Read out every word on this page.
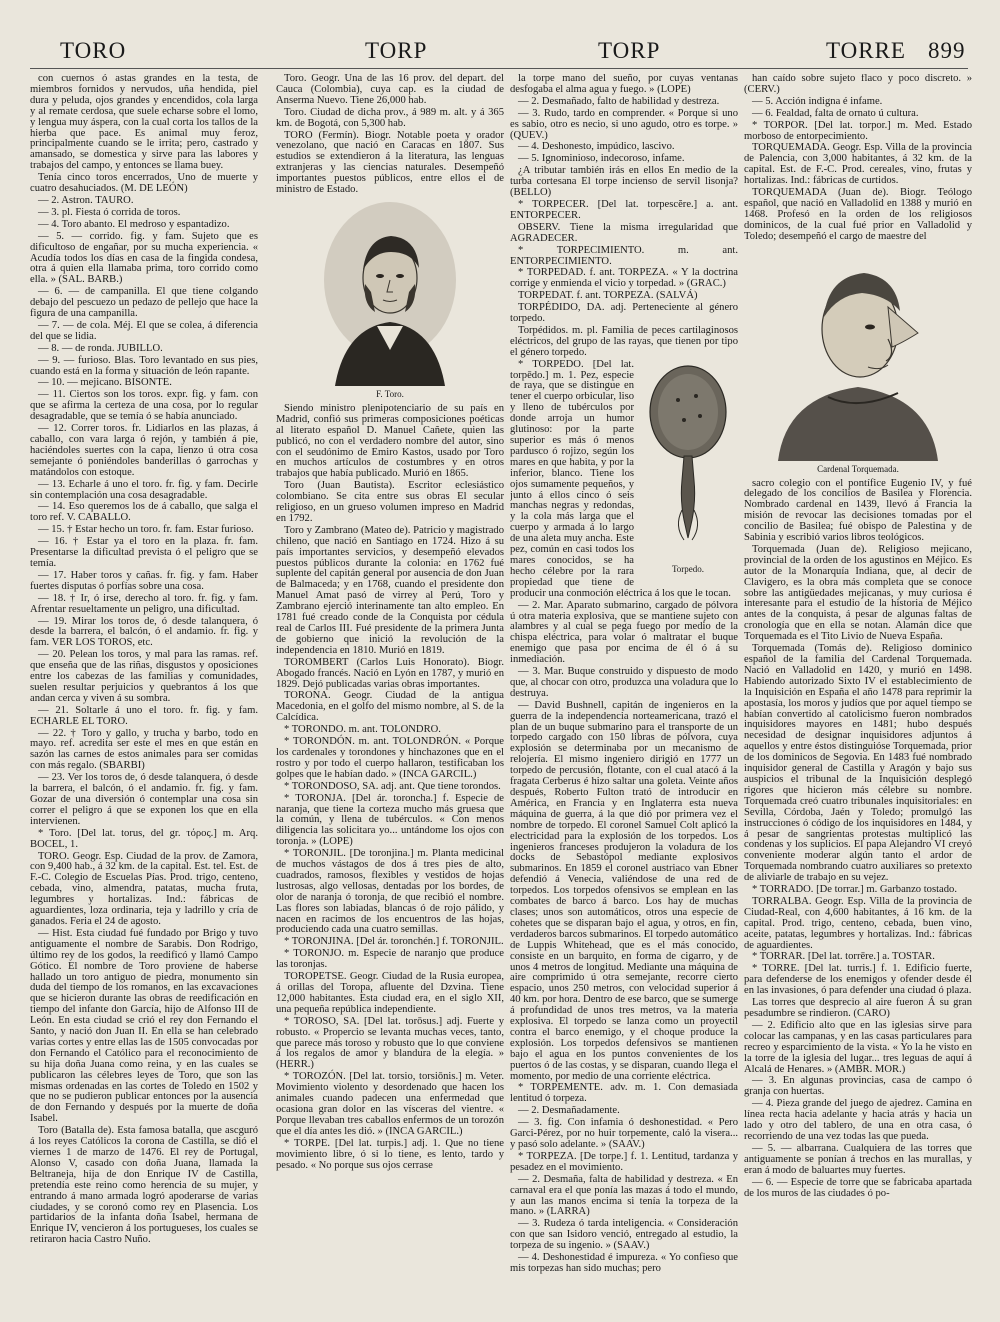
TORO	TORP	TORP	TORRE 899

con cuernos ó astas grandes en la testa, de miembros fornidos y nervudos, uña hendida, piel dura y peluda, ojos grandes y encendidos, cola larga y al remate cerdosa, que suele echarse sobre el lomo, y lengua muy áspera, con la cual corta los tallos de la hierba que pace. Es animal muy feroz, principalmente cuando se le irrita; pero, castrado y amansado, se domestica y sirve para las labores y trabajos del campo, y entonces se llama buey.

Tenía cinco toros encerrados, Uno de muerte y cuatro desahuciados. (M. DE LEÓN)

— 2. Astron. TAURO.

— 3. pl. Fiesta ó corrida de toros.

— 4. Toro abanto. El medroso y espantadizo.

— 5. — corrido. fig. y fam. Sujeto que es dificultoso de engañar, por su mucha experiencia. « Acudía todos los días en casa de la fingida condesa, otra á quien ella llamaba prima, toro corrido como ella. » (SAL. BARB.)

— 6. — de campanilla. El que tiene colgando debajo del pescuezo un pedazo de pellejo que hace la figura de una campanilla.

— 7. — de cola. Méj. El que se colea, á diferencia del que se lidia.

— 8. — de ronda. JUBILLO.

— 9. — furioso. Blas. Toro levantado en sus pies, cuando está en la forma y situación de león rapante.

— 10. — mejicano. BISONTE.

— 11. Ciertos son los toros. expr. fig. y fam. con que se afirma la certeza de una cosa, por lo regular desagradable, que se temía ó se había anunciado.

— 12. Correr toros. fr. Lidiarlos en las plazas, á caballo, con vara larga ó rejón, y también á pie, haciéndoles suertes con la capa, lienzo ú otra cosa semejante ó poniéndoles banderillas ó garrochas y matándolos con estoque.

— 13. Echarle á uno el toro. fr. fig. y fam. Decirle sin contemplación una cosa desagradable.

— 14. Eso queremos los de á caballo, que salga el toro ref. V. CABALLO.

— 15. † Estar hecho un toro. fr. fam. Estar furioso.

— 16. † Estar ya el toro en la plaza. fr. fam. Presentarse la dificultad prevista ó el peligro que se temía.

— 17. Haber toros y cañas. fr. fig. y fam. Haber fuertes disputas ó porfías sobre una cosa.

— 18. † Ir, ó irse, derecho al toro. fr. fig. y fam. Afrentar resueltamente un peligro, una dificultad.

— 19. Mirar los toros de, ó desde talanquera, ó desde la barrera, el balcón, ó el andamio. fr. fig. y fam. VER LOS TOROS, etc.

— 20. Pelean los toros, y mal para las ramas. ref. que enseña que de las riñas, disgustos y oposiciones entre los cabezas de las familias y comunidades, suelen resultar perjuicios y quebrantos á los que andan cerca y viven á su sombra.

— 21. Soltarle á uno el toro. fr. fig. y fam. ECHARLE EL TORO.

— 22. † Toro y gallo, y trucha y barbo, todo en mayo. ref. acredita ser este el mes en que están en sazón las carnes de estos animales para ser comidas con más regalo. (SBARBI)

— 23. Ver los toros de, ó desde talanquera, ó desde la barrera, el balcón, ó el andamio. fr. fig. y fam. Gozar de una diversión ó contemplar una cosa sin correr el peligro á que se exponen los que en ella intervienen.

* Toro. [Del lat. torus, del gr. τόρος.] m. Arq. BOCEL, 1.

TORO. Geogr. Esp. Ciudad de la prov. de Zamora, con 9,400 hab., á 32 km. de la capital. Est. tel. Est. de F.-C. Colegio de Escuelas Pías. Prod. trigo, centeno, cebada, vino, almendra, patatas, mucha fruta, legumbres y hortalizas. Ind.: fábricas de aguardientes, loza ordinaria, teja y ladrillo y cría de ganados. Feria el 24 de agosto.

— Hist. Esta ciudad fué fundado por Brigo y tuvo antiguamente el nombre de Sarabis. Don Rodrigo, último rey de los godos, la reedificó y llamó Campo Gótico. El nombre de Toro proviene de haberse hallado un toro antiguo de piedra, monumento sin duda del tiempo de los romanos, en las excavaciones que se hicieron durante las obras de reedificación en tiempo del infante don García, hijo de Alfonso III de León. En esta ciudad se crió el rey don Fernando el Santo, y nació don Juan II. En ella se han celebrado varias cortes y entre ellas las de 1505 convocadas por don Fernando el Católico para el reconocimiento de su hija doña Juana como reina, y en las cuales se publicaron las célebres leyes de Toro, que son las mismas ordenadas en las cortes de Toledo en 1502 y que no se pudieron publicar entonces por la ausencia de don Fernando y después por la muerte de doña Isabel.

Toro (Batalla de). Esta famosa batalla, que ascguró á los reyes Católicos la corona de Castilla, se dió el viernes 1 de marzo de 1476. El rey de Portugal, Alonso V, casado con doña Juana, llamada la Beltraneja, hija de don Enrique IV de Castilla, pretendía este reino como herencia de su mujer, y entrando á mano armada logró apoderarse de varias ciudades, y se coronó como rey en Plasencia. Los partidarios de la infanta doña Isabel, hermana de Enrique IV, vencieron á los portugueses, los cuales se retiraron hacia Castro Nuño.

Toro. Geogr. Una de las 16 prov. del depart. del Cauca (Colombia), cuya cap. es la ciudad de Anserma Nuevo. Tiene 26,000 hab.

Toro. Ciudad de dicha prov., á 989 m. alt. y á 365 km. de Bogotá, con 5,300 hab.

TORO (Fermín). Biogr. Notable poeta y orador venezolano, que nació en Caracas en 1807. Sus estudios se extendieron á la literatura, las lenguas extranjeras y las ciencias naturales. Desempeñó importantes puestos públicos, entre ellos el de ministro de Estado.

F. Toro.

Siendo ministro plenipotenciario de su país en Madrid, confió sus primeras composiciones poéticas al literato español D. Manuel Cañete, quien las publicó, no con el verdadero nombre del autor, sino con el seudónimo de Emiro Kastos, usado por Toro en muchos artículos de costumbres y en otros trabajos que había publicado. Murió en 1865.

Toro (Juan Bautista). Escritor eclesiástico colombiano. Se cita entre sus obras El secular religioso, en un grueso volumen impreso en Madrid en 1792.

Toro y Zambrano (Mateo de). Patricio y magistrado chileno, que nació en Santiago en 1724. Hizo á su país importantes servicios, y desempeñó elevados puestos públicos durante la colonia: en 1762 fué suplente del capitán general por ausencia de don Juan de Balmaceda; y en 1768, cuando el presidente don Manuel Amat pasó de virrey al Perú, Toro y Zambrano ejerció interinamente tan alto empleo. En 1781 fué creado conde de la Conquista por cédula real de Carlos III. Fué presidente de la primera Junta de gobierno que inició la revolución de la independencia en 1810. Murió en 1819.

TOROMBERT (Carlos Luis Honorato). Biogr. Abogado francés. Nació en Lyón en 1787, y murió en 1829. Dejó publicadas varias obras importantes.

TORONA. Geogr. Ciudad de la antigua Macedonia, en el golfo del mismo nombre, al S. de la Calcídica.

* TORONDO. m. ant. TOLONDRO.

* TORONDÓN. m. ant. TOLONDRÓN. « Porque los cardenales y torondones y hinchazones que en el rostro y por todo el cuerpo hallaron, testificaban los golpes que le habían dado. » (INCA GARCIL.)

* TORONDOSO, SA. adj. ant. Que tiene torondos.

* TORONJA. [Del ár. toroncha.] f. Especie de naranja, que tiene la corteza mucho más gruesa que la común, y llena de tubérculos. « Con menos diligencia las solicitara yo... untándome los ojos con toronja. » (LOPE)

* TORONJIL. [De toronjina.] m. Planta medicinal de muchos vástagos de dos á tres pies de alto, cuadrados, ramosos, flexibles y vestidos de hojas lustrosas, algo vellosas, dentadas por los bordes, de olor de naranja ó toronja, de que recibió el nombre. Las flores son labiadas, blancas ó de rojo pálido, y nacen en racimos de los encuentros de las hojas, produciendo cada una cuatro semillas.

* TORONJINA. [Del ár. toronchén.] f. TORONJIL.

* TORONJO. m. Especie de naranjo que produce las toronjas.

TOROPETSE. Geogr. Ciudad de la Rusia europea, á orillas del Toropa, afluente del Dzvina. Tiene 12,000 habitantes. Esta ciudad era, en el siglo XII, una pequeña república independiente.

* TOROSO, SA. [Del lat. torōsus.] adj. Fuerte y robusto. « Propercio se levanta muchas veces, tanto, que parece más toroso y robusto que lo que conviene á los regalos de amor y blandura de la elegía. » (HERR.)

* TOROZÓN. [Del lat. torsio, torsiōnis.] m. Veter. Movimiento violento y desordenado que hacen los animales cuando padecen una enfermedad que ocasiona gran dolor en las vísceras del vientre. « Porque llevaban tres caballos enfermos de un torozón que el día antes les dió. » (INCA GARCIL.)

* TORPE. [Del lat. turpis.] adj. 1. Que no tiene movimiento libre, ó si lo tiene, es lento, tardo y pesado. « No porque sus ojos cerrase

la torpe mano del sueño, por cuyas ventanas desfogaba el alma agua y fuego. » (LOPE)

— 2. Desmañado, falto de habilidad y destreza.

— 3. Rudo, tardo en comprender. « Porque si uno es sabio, otro es necio, si uno agudo, otro es torpe. » (QUEV.)

— 4. Deshonesto, impúdico, lascivo.

— 5. Ignominioso, indecoroso, infame.

¿A tributar también irás en ellos En medio de la turba cortesana El torpe incienso de servil lisonja? (BELLO)

* TORPECER. [Del lat. torpescĕre.] a. ant. ENTORPECER.

OBSERV. Tiene la misma irregularidad que AGRADECER.

* TORPECIMIENTO. m. ant. ENTORPECIMIENTO.

* TORPEDAD. f. ant. TORPEZA. « Y la doctrina corrige y enmienda el vicio y torpedad. » (GRAC.)

TORPEDAT. f. ant. TORPEZA. (SALVÁ)

TORPÉDIDO, DA. adj. Perteneciente al género torpedo.

Torpédidos. m. pl. Familia de peces cartilaginosos eléctricos, del grupo de las rayas, que tienen por tipo el género torpedo.

Torpedo.

* TORPEDO. [Del lat. torpēdo.] m. 1. Pez, especie de raya, que se distingue en tener el cuerpo orbicular, liso y lleno de tubérculos por donde arroja un humor glutinoso: por la parte superior es más ó menos pardusco ó rojizo, según los mares en que habita, y por la inferior, blanco. Tiene los ojos sumamente pequeños, y junto á ellos cinco ó seis manchas negras y redondas, y la cola más larga que el cuerpo y armada á lo largo de una aleta muy ancha. Este pez, común en casi todos los mares conocidos, se ha hecho célebre por la rara propiedad que tiene de producir una conmoción eléctrica á los que le tocan.

— 2. Mar. Aparato submarino, cargado de pólvora ú otra materia explosiva, que se mantiene sujeto con alambres y al cual se pega fuego por medio de la chispa eléctrica, para volar ó maltratar el buque enemigo que pasa por encima de él ó á su inmediación.

— 3. Mar. Buque construido y dispuesto de modo que, al chocar con otro, produzca una voladura que lo destruya.

— David Bushnell, capitán de ingenieros en la guerra de la independencia norteamericana, trazó el plan de un buque submarino para el transporte de un torpedo cargado con 150 libras de pólvora, cuya explosión se determinaba por un mecanismo de relojería. El mismo ingeniero dirigió en 1777 un torpedo de percusión, flotante, con el cual atacó á la fragata Cerberus é hizo saltar una goleta. Veinte años después, Roberto Fulton trató de introducir en América, en Francia y en Inglaterra esta nueva máquina de guerra, á la que dió por primera vez el nombre de torpedo. El coronel Samuel Colt aplicó la electricidad para la explosión de los torpedos. Los ingenieros franceses produjeron la voladura de los docks de Sebastópol mediante explosivos submarinos. En 1859 el coronel austriaco van Ebner defendió á Venecia, valiéndose de una red de torpedos. Los torpedos ofensivos se emplean en las combates de barco á barco. Los hay de muchas clases; unos son automáticos, otros una especie de cohetes que se disparan bajo el agua, y otros, en fin, verdaderos barcos submarinos. El torpedo automático de Luppis Whitehead, que es el más conocido, consiste en un barquito, en forma de cigarro, y de unos 4 metros de longitud. Mediante una máquina de aire comprimido ú otra semejante, recorre cierto espacio, unos 250 metros, con velocidad superior á 40 km. por hora. Dentro de ese barco, que se sumerge á profundidad de unos tres metros, va la materia explosiva. El torpedo se lanza como un proyectil contra el barco enemigo, y el choque produce la explosión. Los torpedos defensivos se mantienen bajo el agua en los puntos convenientes de los puertos ó de las costas, y se disparan, cuando llega el momento, por medio de una corriente eléctrica.

* TORPEMENTE. adv. m. 1. Con demasiada lentitud ó torpeza.

— 2. Desmañadamente.

— 3. fig. Con infamia ó deshonestidad. « Pero Garci-Pérez, por no huir torpemente, caló la visera... y pasó solo adelante. » (SAAV.)

* TORPEZA. [De torpe.] f. 1. Lentitud, tardanza y pesadez en el movimiento.

— 2. Desmaña, falta de habilidad y destreza. « En carnaval era el que ponía las mazas á todo el mundo, y aun las manos encima si tenía la torpeza de la mano. » (LARRA)

— 3. Rudeza ó tarda inteligencia. « Consideración con que san Isidoro venció, entregado al estudio, la torpeza de su ingenio. » (SAAV.)

— 4. Deshonestidad é impureza. « Yo confieso que mis torpezas han sido muchas; pero

han caído sobre sujeto flaco y poco discreto. » (CERV.)

— 5. Acción indigna é infame.

— 6. Fealdad, falta de ornato ú cultura.

* TORPOR. [Del lat. torpor.] m. Med. Estado morboso de entorpecimiento.

TORQUEMADA. Geogr. Esp. Villa de la provincia de Palencia, con 3,000 habitantes, á 32 km. de la capital. Est. de F.-C. Prod. cereales, vino, frutas y hortalizas. Ind.: fábricas de curtidos.

TORQUEMADA (Juan de). Biogr. Teólogo español, que nació en Valladolid en 1388 y murió en 1468. Profesó en la orden de los religiosos dominicos, de la cual fué prior en Valladolid y Toledo; desempeñó el cargo de maestre del

Cardenal Torquemada.

sacro colegio con el pontífice Eugenio IV, y fué delegado de los concilios de Basilea y Florencia. Nombrado cardenal en 1439, llevó á Francia la misión de revocar las decisiones tomadas por el concilio de Basilea; fué obispo de Palestina y de Sabinia y escribió varios libros teológicos.

Torquemada (Juan de). Religioso mejicano, provincial de la orden de los agustinos en Méjico. Es autor de la Monarquía Indiana, que, al decir de Clavigero, es la obra más completa que se conoce sobre las antigüedades mejicanas, y muy curiosa é interesante para el estudio de la historia de Méjico antes de la conquista, á pesar de algunas faltas de cronología que en ella se notan. Alamán dice que Torquemada es el Tito Livio de Nueva España.

Torquemada (Tomás de). Religioso dominico español de la familia del Cardenal Torquemada. Nació en Valladolid en 1420, y murió en 1498. Habiendo autorizado Sixto IV el establecimiento de la Inquisición en España el año 1478 para reprimir la apostasía, los moros y judíos que por aquel tiempo se habían convertido al catolicismo fueron nombrados inquisidores mayores en 1481; hubo después necesidad de designar inquisidores adjuntos á aquellos y entre éstos distinguióse Torquemada, prior de los dominicos de Segovia. En 1483 fué nombrado inquisidor general de Castilla y Aragón y bajo sus auspicios el tribunal de la Inquisición desplegó rigores que hicieron más célebre su nombre. Torquemada creó cuatro tribunales inquisitoriales: en Sevilla, Córdoba, Jaén y Toledo; promulgó las instrucciones ó código de los inquisidores en 1484, y á pesar de sangrientas protestas multiplicó las condenas y los suplicios. El papa Alejandro VI creyó conveniente moderar algún tanto el ardor de Torquemada nombrando cuatro auxiliares so pretexto de aliviarle de trabajo en su vejez.

* TORRADO. [De torrar.] m. Garbanzo tostado.

TORRALBA. Geogr. Esp. Villa de la provincia de Ciudad-Real, con 4,600 habitantes, á 16 km. de la capital. Prod. trigo, centeno, cebada, buen vino, aceite, patatas, legumbres y hortalizas. Ind.: fábricas de aguardientes.

* TORRAR. [Del lat. torrēre.] a. TOSTAR.

* TORRE. [Del lat. turris.] f. 1. Edificio fuerte, para defenderse de los enemigos y ofender desde él en las invasiones, ó para defender una ciudad ó plaza.

Las torres que desprecio al aire fueron Á su gran pesadumbre se rindieron. (CARO)

— 2. Edificio alto que en las iglesias sirve para colocar las campanas, y en las casas particulares para recreo y esparcimiento de la vista. « Yo la he visto en la torre de la iglesia del lugar... tres leguas de aquí á Alcalá de Henares. » (AMBR. MOR.)

— 3. En algunas provincias, casa de campo ó granja con huertas.

— 4. Pieza grande del juego de ajedrez. Camina en línea recta hacia adelante y hacia atrás y hacia un lado y otro del tablero, de una en otra casa, ó recorriendo de una vez todas las que pueda.

— 5. — albarrana. Cualquiera de las torres que antiguamente se ponían á trechos en las murallas, y eran á modo de baluartes muy fuertes.

— 6. — Especie de torre que se fabricaba apartada de los muros de las ciudades ó po-
